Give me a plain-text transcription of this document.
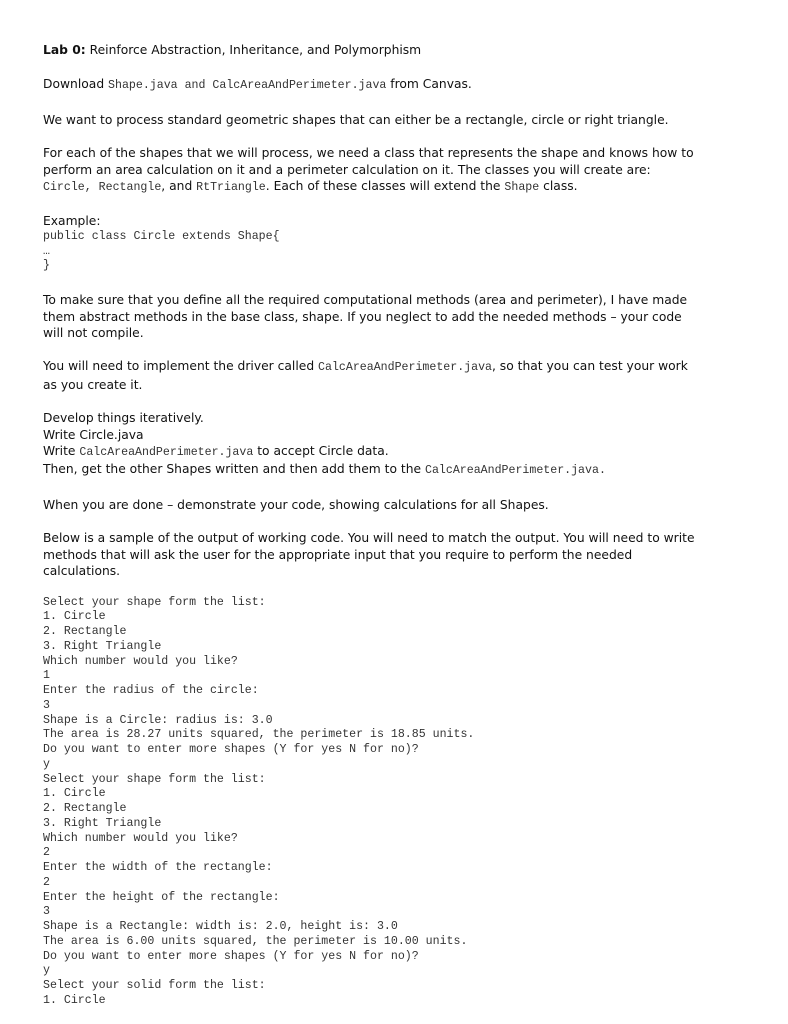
Lab 0: Reinforce Abstraction, Inheritance, and Polymorphism

Download Shape.java and CalcAreaAndPerimeter.java from Canvas.

We want to process standard geometric shapes that can either be a rectangle, circle or right triangle.

For each of the shapes that we will process, we need a class that represents the shape and knows how to
perform an area calculation on it and a perimeter calculation on it. The classes you will create are:
Circle, Rectangle, and RtTriangle. Each of these classes will extend the Shape class.

Example:

public class Circle extends Shape{
…
}

To make sure that you define all the required computational methods (area and perimeter), I have made
them abstract methods in the base class, shape. If you neglect to add the needed methods – your code
will not compile.

You will need to implement the driver called CalcAreaAndPerimeter.java, so that you can test your work
as you create it.

Develop things iteratively.
Write Circle.java
Write CalcAreaAndPerimeter.java to accept Circle data.
Then, get the other Shapes written and then add them to the CalcAreaAndPerimeter.java.

When you are done – demonstrate your code, showing calculations for all Shapes.

Below is a sample of the output of working code. You will need to match the output. You will need to write
methods that will ask the user for the appropriate input that you require to perform the needed
calculations.

Select your shape form the list:
1. Circle
2. Rectangle
3. Right Triangle
Which number would you like?
1
Enter the radius of the circle:
3
Shape is a Circle: radius is: 3.0
The area is 28.27 units squared, the perimeter is 18.85 units.
Do you want to enter more shapes (Y for yes N for no)?
y
Select your shape form the list:
1. Circle
2. Rectangle
3. Right Triangle
Which number would you like?
2
Enter the width of the rectangle:
2
Enter the height of the rectangle:
3
Shape is a Rectangle: width is: 2.0, height is: 3.0
The area is 6.00 units squared, the perimeter is 10.00 units.
Do you want to enter more shapes (Y for yes N for no)?
y
Select your solid form the list:
1. Circle
